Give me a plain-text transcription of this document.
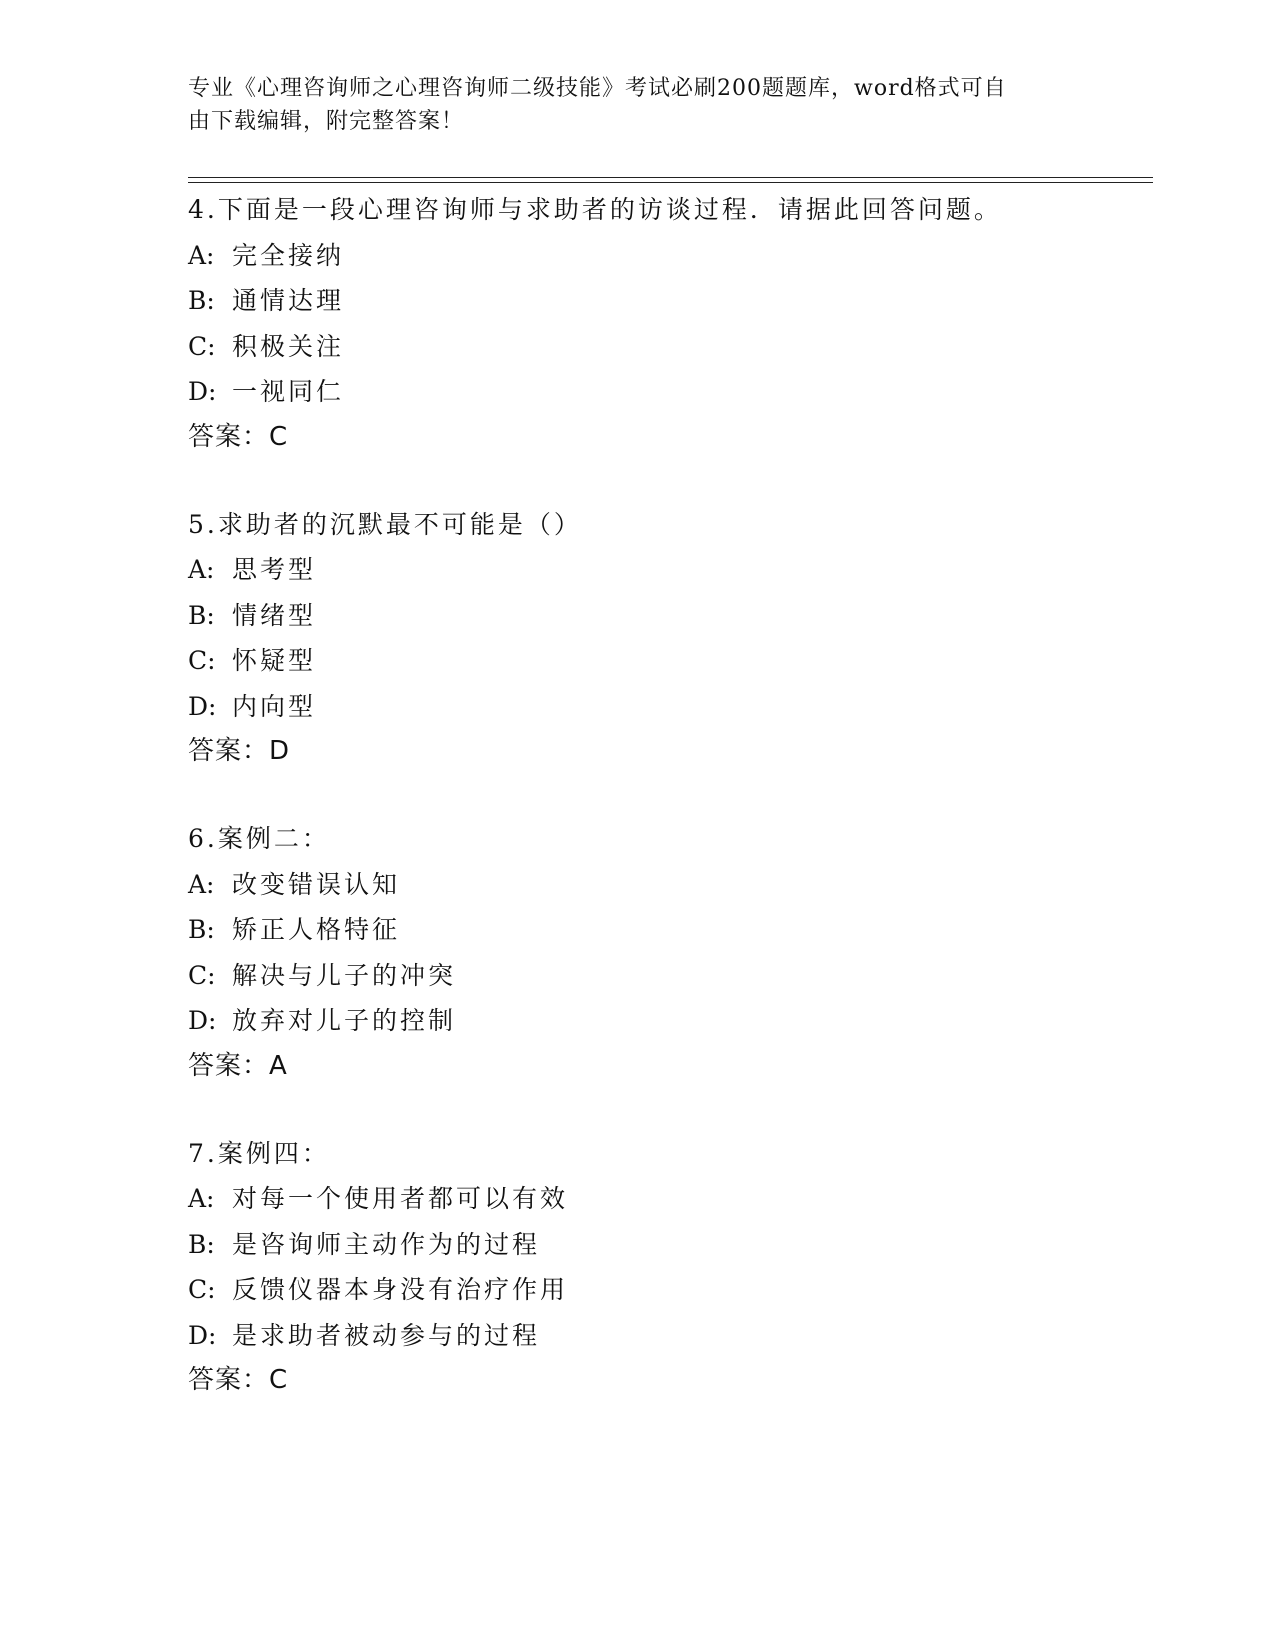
专业《心理咨询师之心理咨询师二级技能》考试必刷200题题库，word格式可自
由下载编辑，附完整答案！
4.下面是一段心理咨询师与求助者的访谈过程．请据此回答问题。
A: 完全接纳
B: 通情达理
C: 积极关注
D: 一视同仁
答案：C
5.求助者的沉默最不可能是（）
A: 思考型
B: 情绪型
C: 怀疑型
D: 内向型
答案：D
6.案例二：
A: 改变错误认知
B: 矫正人格特征
C: 解决与儿子的冲突
D: 放弃对儿子的控制
答案：A
7.案例四：
A: 对每一个使用者都可以有效
B: 是咨询师主动作为的过程
C: 反馈仪器本身没有治疗作用
D: 是求助者被动参与的过程
答案：C
